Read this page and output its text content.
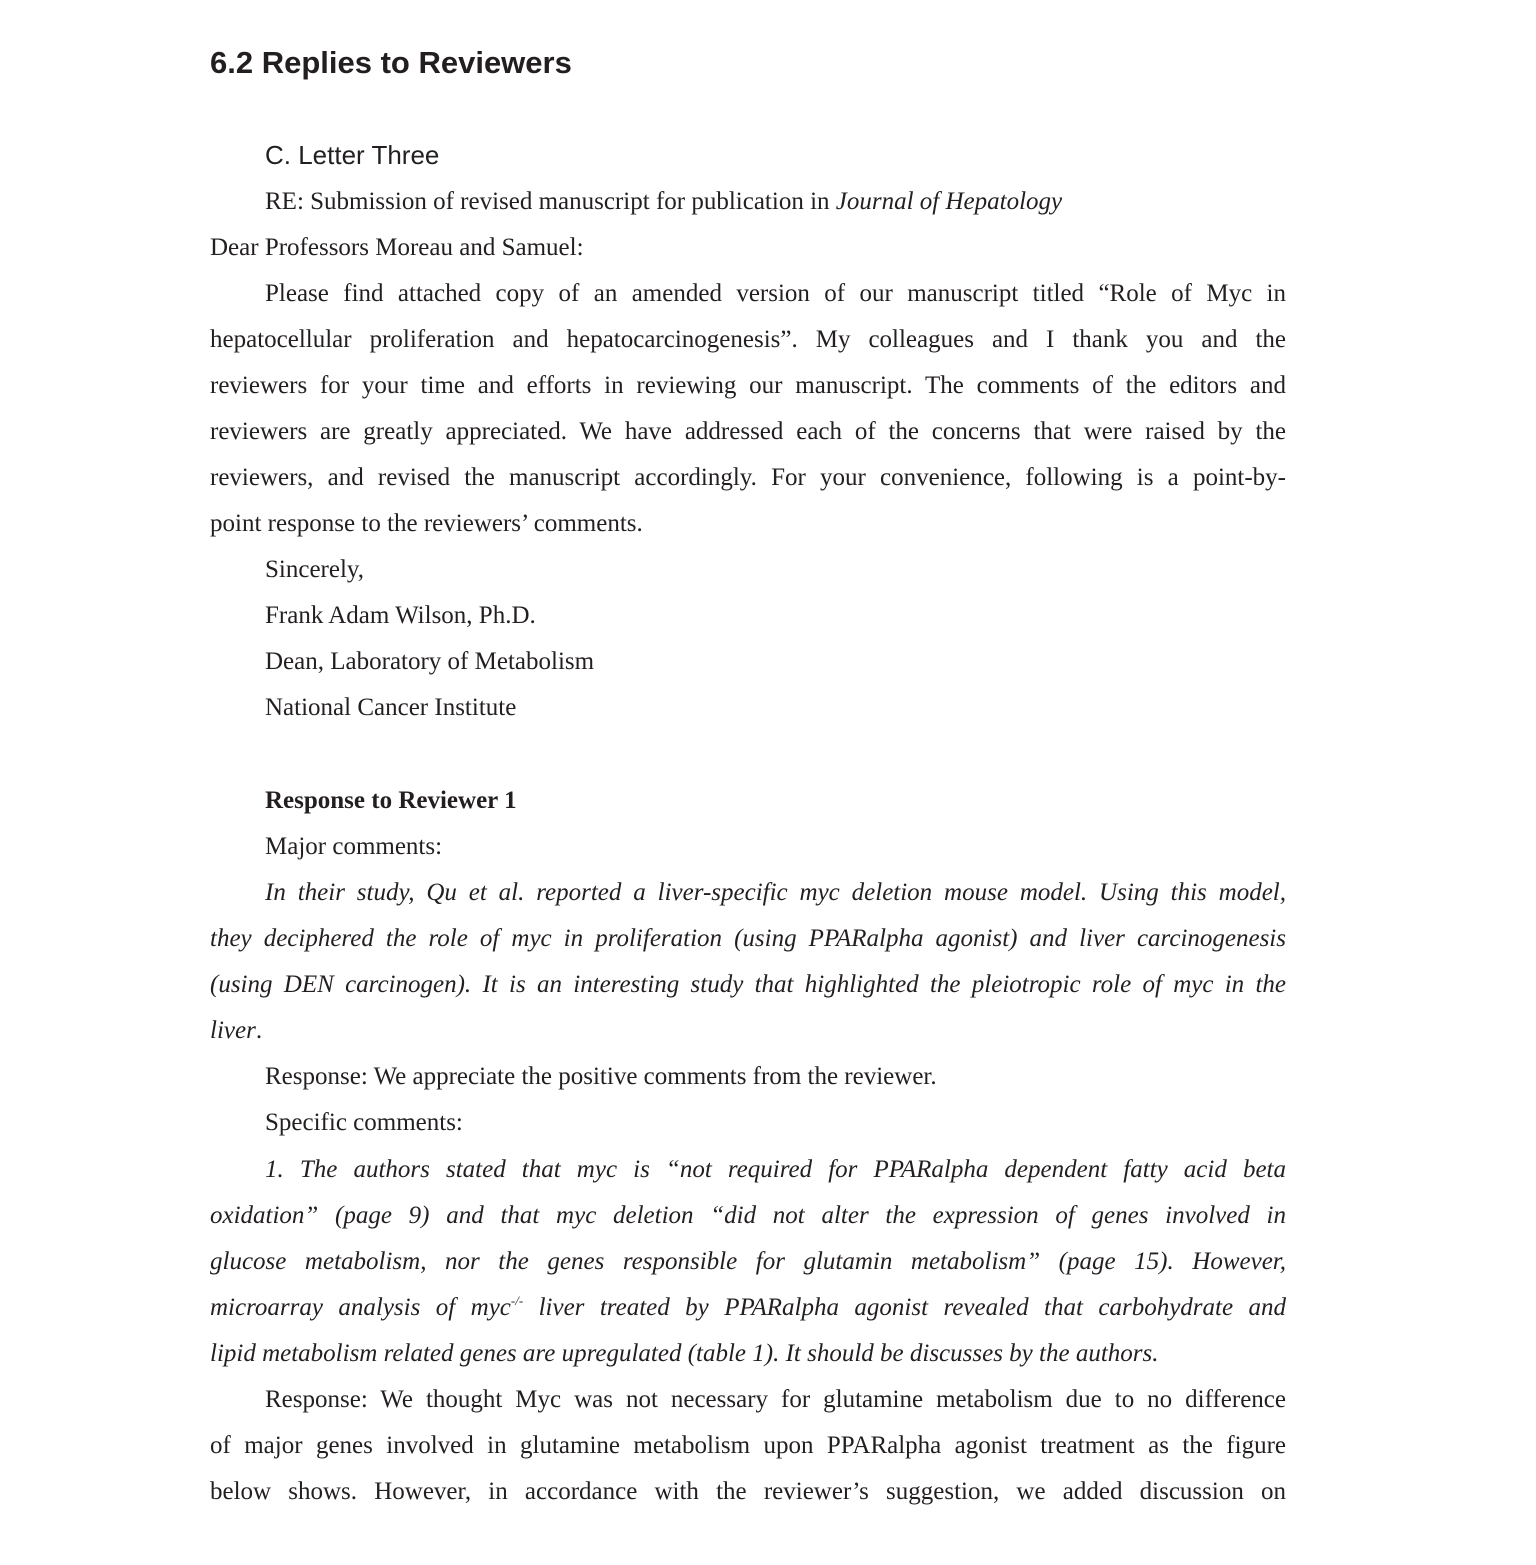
6.2 Replies to Reviewers
C. Letter Three

RE: Submission of revised manuscript for publication in Journal of Hepatology

Dear Professors Moreau and Samuel:

Please find attached copy of an amended version of our manuscript titled “Role of Myc in

hepatocellular proliferation and hepatocarcinogenesis”. My colleagues and I thank you and the

reviewers for your time and efforts in reviewing our manuscript. The comments of the editors and

reviewers are greatly appreciated. We have addressed each of the concerns that were raised by the

reviewers, and revised the manuscript accordingly. For your convenience, following is a point-by-

point response to the reviewers’ comments.

Sincerely,

Frank Adam Wilson, Ph.D.

Dean, Laboratory of Metabolism

National Cancer Institute

Response to Reviewer 1

Major comments:

In their study, Qu et al. reported a liver-specific myc deletion mouse model. Using this model,

they deciphered the role of myc in proliferation (using PPARalpha agonist) and liver carcinogenesis

(using DEN carcinogen). It is an interesting study that highlighted the pleiotropic role of myc in the

liver.

Response: We appreciate the positive comments from the reviewer.

Specific comments:

1. The authors stated that myc is “not required for PPARalpha dependent fatty acid beta

oxidation” (page 9) and that myc deletion “did not alter the expression of genes involved in

glucose metabolism, nor the genes responsible for glutamin metabolism” (page 15). However,

microarray analysis of myc-/- liver treated by PPARalpha agonist revealed that carbohydrate and

lipid metabolism related genes are upregulated (table 1). It should be discusses by the authors.

Response: We thought Myc was not necessary for glutamine metabolism due to no difference

of major genes involved in glutamine metabolism upon PPARalpha agonist treatment as the figure

below shows. However, in accordance with the reviewer’s suggestion, we added discussion on
